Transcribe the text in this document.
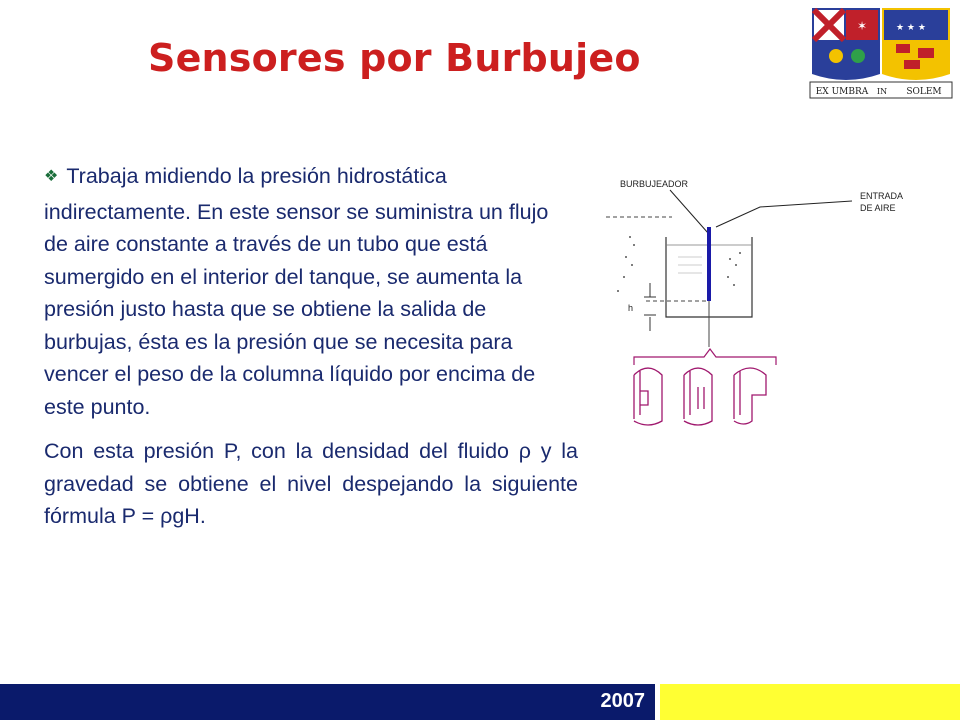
Sensores por Burbujeo
✶	★ ★ ★
EX UMBRA IN SOLEM

❖ Trabaja midiendo la presión hidrostática indirectamente. En este sensor se suministra un flujo de aire constante a través de un tubo que está sumergido en el interior del tanque, se aumenta la presión justo hasta que se obtiene la salida de burbujas, ésta es la presión que se necesita para vencer el peso de la columna líquido por encima de este punto.

Con esta presión P, con la densidad del fluido ρ y la gravedad se obtiene el nivel despejando la siguiente fórmula P = ρgH.

BURBUJEADOR
ENTRADA
DE AIRE
h
2007
